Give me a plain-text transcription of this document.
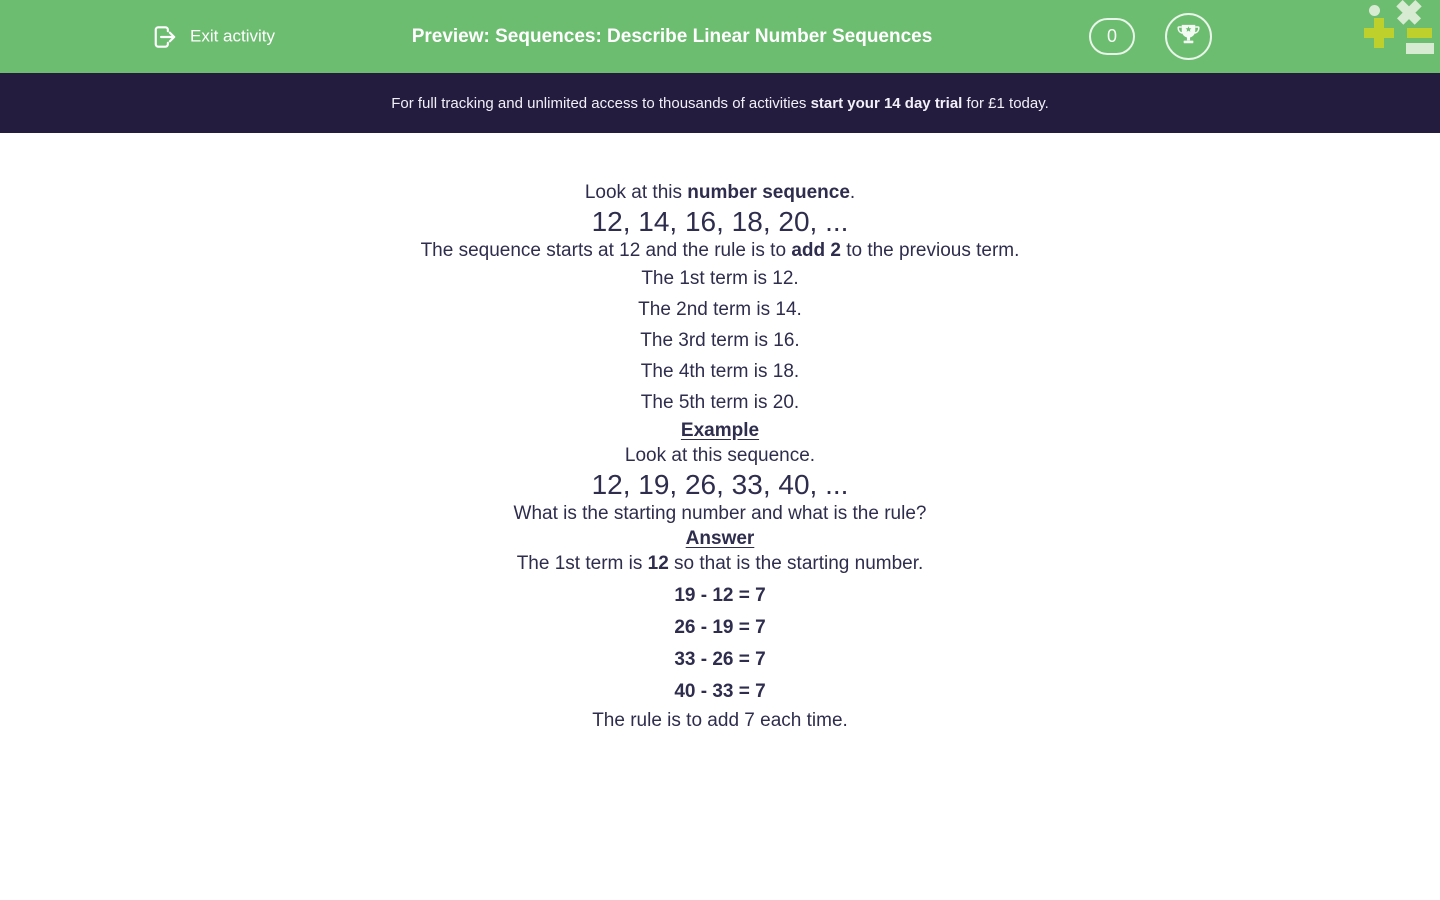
Exit activity	Preview: Sequences: Describe Linear Number Sequences	0

For full tracking and unlimited access to thousands of activities start your 14 day trial for £1 today.

Look at this number sequence.

12, 14, 16, 18, 20, ...

The sequence starts at 12 and the rule is to add 2 to the previous term.

The 1st term is 12.

The 2nd term is 14.

The 3rd term is 16.

The 4th term is 18.

The 5th term is 20.

Example

Look at this sequence.

12, 19, 26, 33, 40, ...

What is the starting number and what is the rule?

Answer

The 1st term is 12 so that is the starting number.

19 - 12 = 7

26 - 19 = 7

33 - 26 = 7

40 - 33 = 7

The rule is to add 7 each time.
